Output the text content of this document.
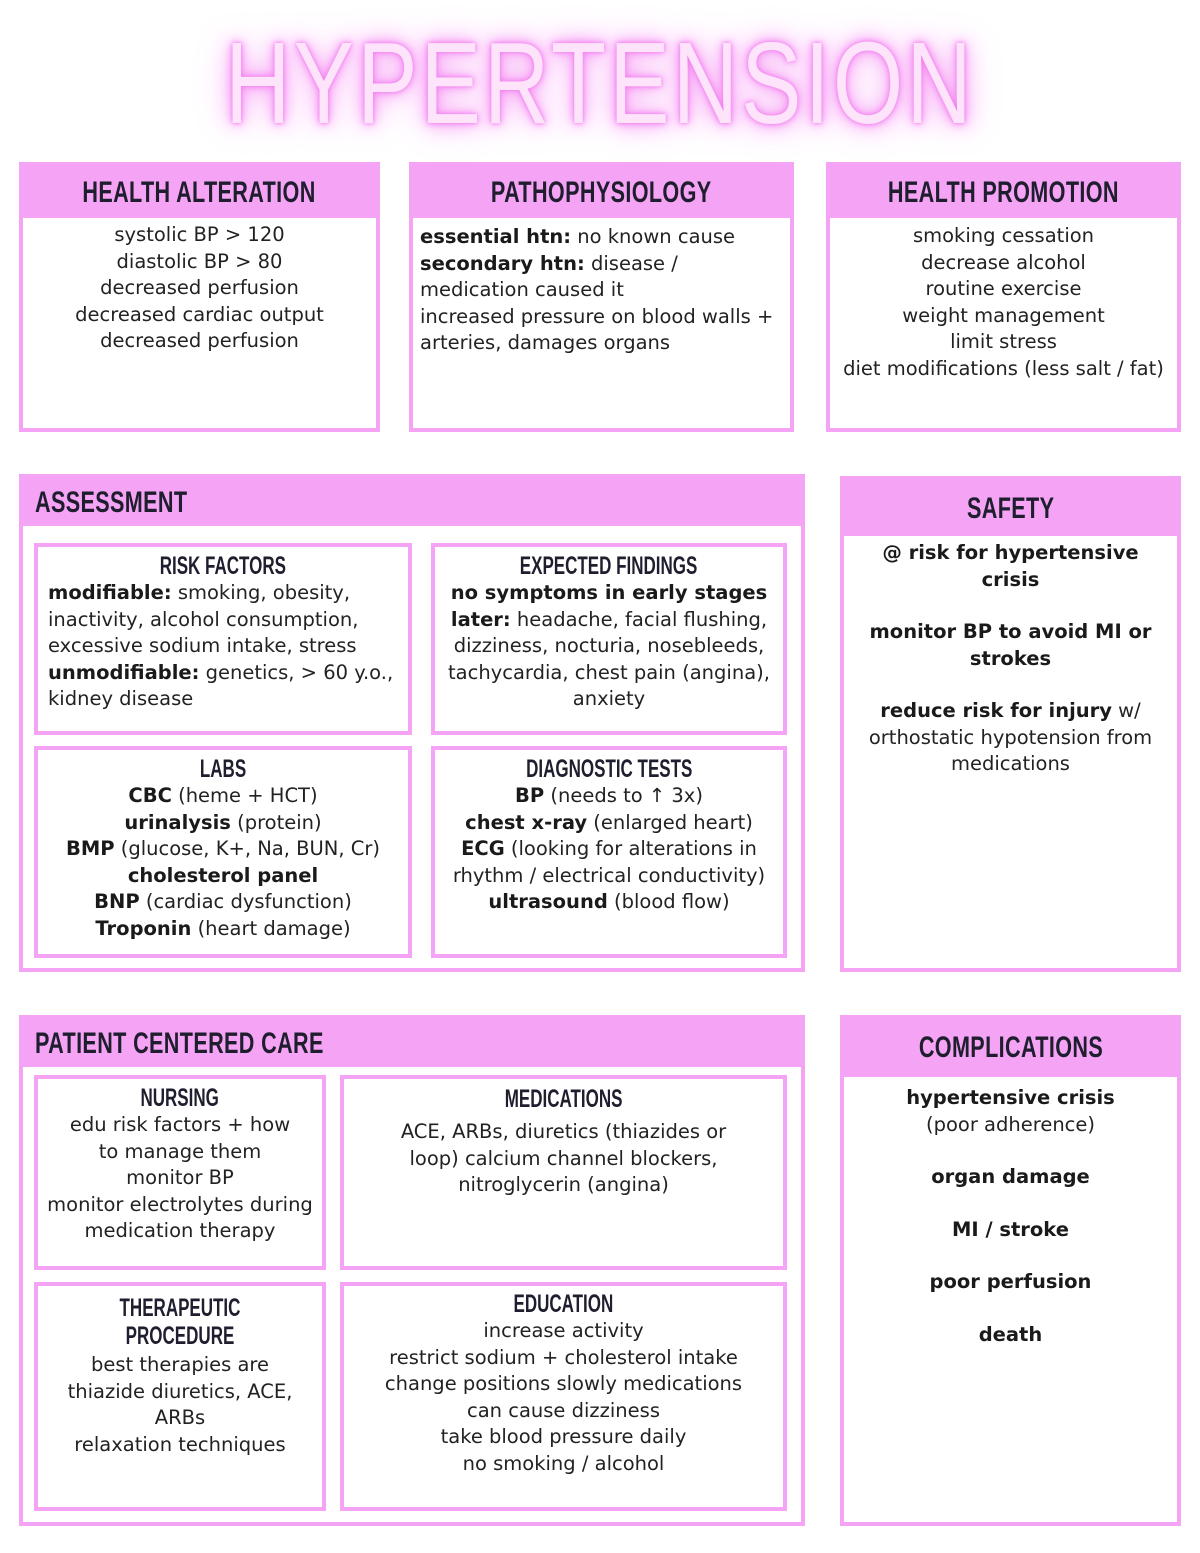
HYPERTENSION
HEALTH ALTERATION
systolic BP > 120
diastolic BP > 80
decreased perfusion
decreased cardiac output
decreased perfusion
PATHOPHYSIOLOGY
essential htn: no known cause
secondary htn: disease / medication caused it
increased pressure on blood walls + arteries, damages organs
HEALTH PROMOTION
smoking cessation
decrease alcohol
routine exercise
weight management
limit stress
diet modifications (less salt / fat)
ASSESSMENT
RISK FACTORS
modifiable: smoking, obesity, inactivity, alcohol consumption, excessive sodium intake, stress
unmodifiable: genetics, > 60 y.o., kidney disease
EXPECTED FINDINGS
no symptoms in early stages
later: headache, facial flushing, dizziness, nocturia, nosebleeds, tachycardia, chest pain (angina), anxiety
LABS
CBC (heme + HCT)
urinalysis (protein)
BMP (glucose, K+, Na, BUN, Cr)
cholesterol panel
BNP (cardiac dysfunction)
Troponin (heart damage)
DIAGNOSTIC TESTS
BP (needs to ↑ 3x)
chest x-ray (enlarged heart)
ECG (looking for alterations in rhythm / electrical conductivity)
ultrasound (blood flow)
SAFETY
@ risk for hypertensive crisis
monitor BP to avoid MI or strokes
reduce risk for injury w/ orthostatic hypotension from medications
PATIENT CENTERED CARE
NURSING
edu risk factors + how to manage them
monitor BP
monitor electrolytes during medication therapy
MEDICATIONS
ACE, ARBs, diuretics (thiazides or loop) calcium channel blockers, nitroglycerin (angina)
THERAPEUTIC PROCEDURE
best therapies are thiazide diuretics, ACE, ARBs
relaxation techniques
EDUCATION
increase activity
restrict sodium + cholesterol intake
change positions slowly medications can cause dizziness
take blood pressure daily
no smoking / alcohol
COMPLICATIONS
hypertensive crisis (poor adherence)
organ damage
MI / stroke
poor perfusion
death
